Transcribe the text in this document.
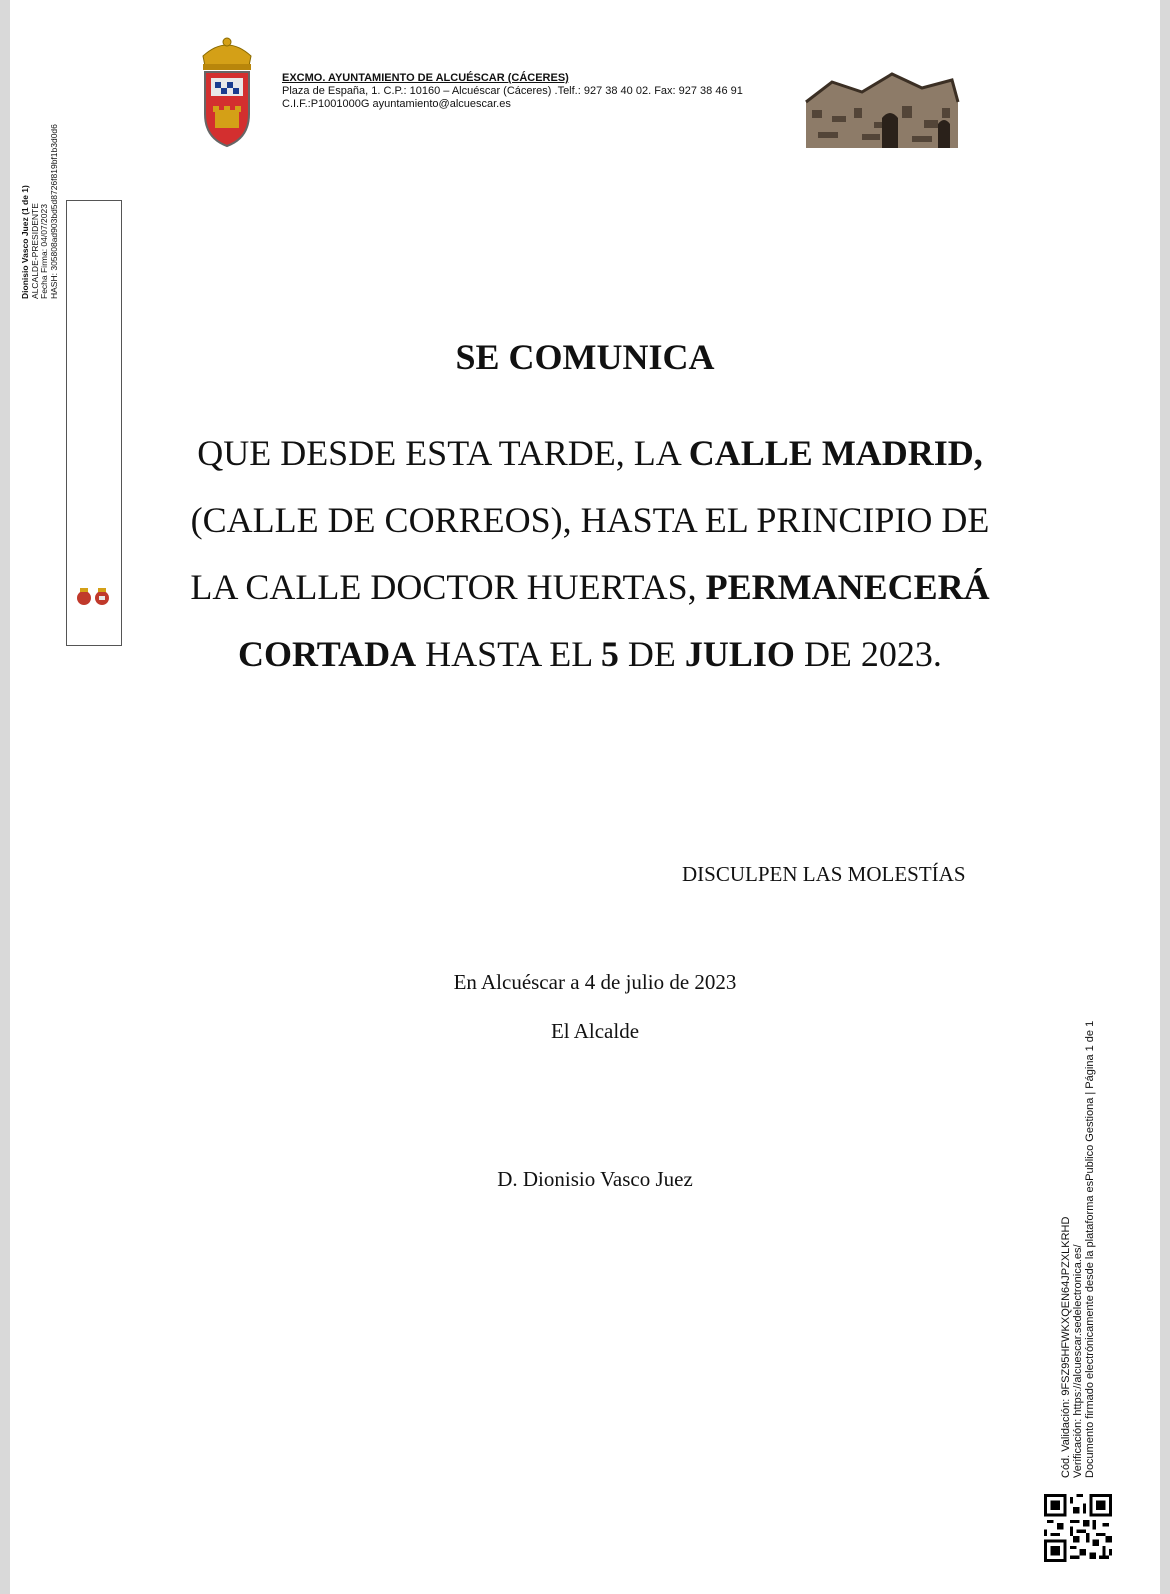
EXCMO. AYUNTAMIENTO DE ALCUÉSCAR (CÁCERES)
Plaza de España, 1. C.P.: 10160 – Alcuéscar (Cáceres) .Telf.: 927 38 40 02. Fax: 927 38 46 91
C.I.F.:P1001000G ayuntamiento@alcuescar.es
Dionisio Vasco Juez (1 de 1) ALCALDE-PRESIDENTE Fecha Firma: 04/07/2023 HASH: 305808ad903bd5d8726f819bf1b3d0d6
SE COMUNICA
QUE DESDE ESTA TARDE, LA CALLE MADRID, (CALLE DE CORREOS), HASTA EL PRINCIPIO DE LA CALLE DOCTOR HUERTAS, PERMANECERÁ CORTADA HASTA EL 5 DE JULIO DE 2023.
DISCULPEN LAS MOLESTÍAS
En Alcuéscar a 4 de julio de 2023
El Alcalde
D. Dionisio Vasco Juez
Cód. Validación: 9FSZ95HFWKXQEN64JPZXLKRHD Verificación: https://alcuescar.sedelectronica.es/ Documento firmado electrónicamente desde la plataforma esPublico Gestiona | Página 1 de 1
